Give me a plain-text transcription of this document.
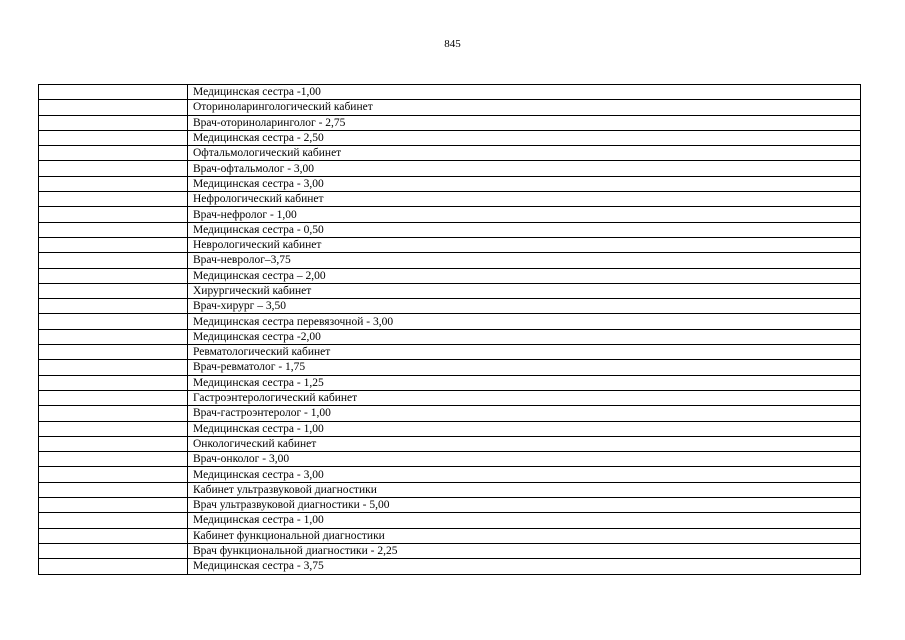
845
	Медицинская сестра -1,00
	Оториноларингологический кабинет
	Врач-оториноларинголог - 2,75
	Медицинская сестра - 2,50
	Офтальмологический кабинет
	Врач-офтальмолог - 3,00
	Медицинская сестра - 3,00
	Нефрологический кабинет
	Врач-нефролог - 1,00
	Медицинская сестра - 0,50
	Неврологический кабинет
	Врач-невролог–3,75
	Медицинская сестра – 2,00
	Хирургический кабинет
	Врач-хирург – 3,50
	Медицинская сестра перевязочной - 3,00
	Медицинская сестра -2,00
	Ревматологический кабинет
	Врач-ревматолог - 1,75
	Медицинская сестра - 1,25
	Гастроэнтерологический кабинет
	Врач-гастроэнтеролог - 1,00
	Медицинская сестра - 1,00
	Онкологический кабинет
	Врач-онколог - 3,00
	Медицинская сестра - 3,00
	Кабинет ультразвуковой диагностики
	Врач ультразвуковой диагностики - 5,00
	Медицинская сестра - 1,00
	Кабинет функциональной диагностики
	Врач функциональной диагностики - 2,25
	Медицинская сестра - 3,75
